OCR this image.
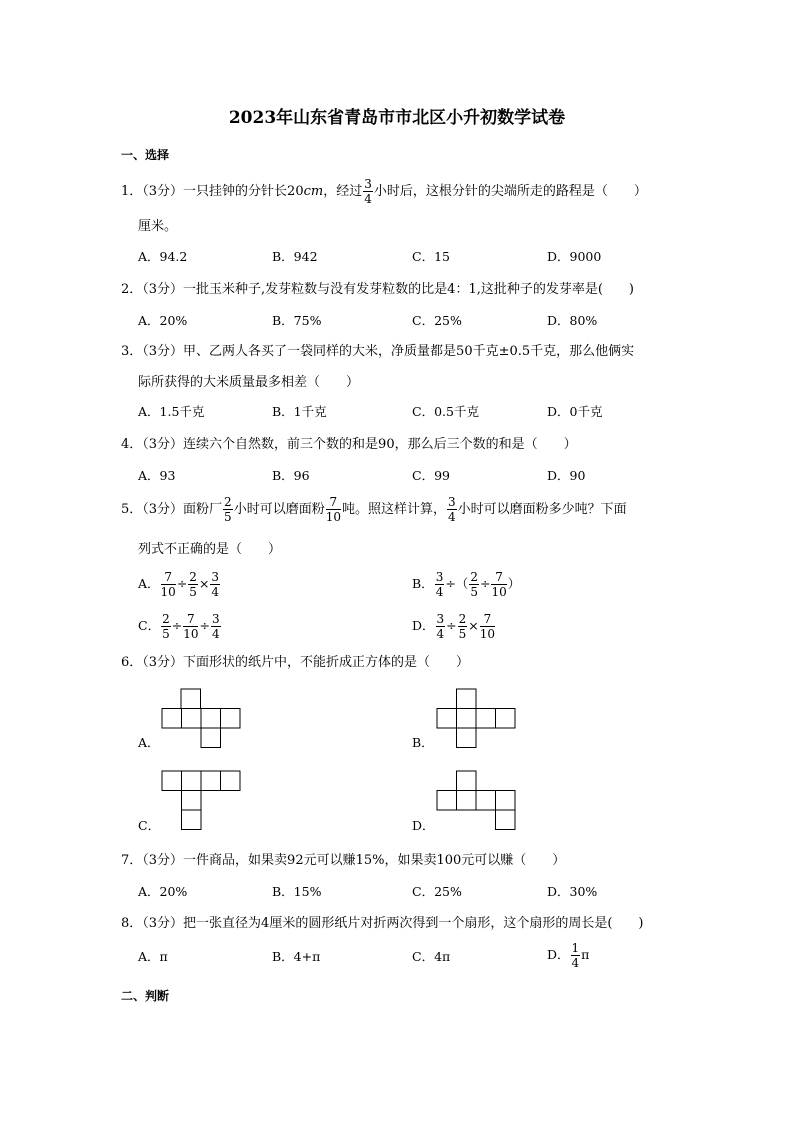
2023年山东省青岛市市北区小升初数学试卷
一、选择
1．（3分）一只挂钟的分针长20cm，经过 $\frac{3}{4}$ 小时后，这根分针的尖端所走的路程是（　　）
厘米。
A．94.2	B．942	C．15	D．9000
2．（3分）一批玉米种子,发芽粒数与没有发芽粒数的比是4：1,这批种子的发芽率是(　　)
A．20%	B．75%	C．25%	D．80%
3．（3分）甲、乙两人各买了一袋同样的大米，净质量都是50千克±0.5千克，那么他俩实
际所获得的大米质量最多相差（　　）
A．1.5千克	B．1千克	C．0.5千克	D．0千克
4．（3分）连续六个自然数，前三个数的和是90，那么后三个数的和是（　　）
A．93	B．96	C．99	D．90
5．（3分）面粉厂 $\frac{2}{5}$ 小时可以磨面粉 $\frac{7}{10}$ 吨。照这样计算， $\frac{3}{4}$ 小时可以磨面粉多少吨？下面
列式不正确的是（　　）
A． $\frac{7}{10} \div \frac{2}{5} \times \frac{3}{4}$	B． $\frac{3}{4}$ ÷（ $\frac{2}{5} \div \frac{7}{10}$ ）
C． $\frac{2}{5} \div \frac{7}{10} \div \frac{3}{4}$	D． $\frac{3}{4} \div \frac{2}{5} \times \frac{7}{10}$
6．（3分）下面形状的纸片中，不能折成正方体的是（　　）
A．	B．
C．	D．
7．（3分）一件商品，如果卖92元可以赚15%，如果卖100元可以赚（　　）
A．20%	B．15%	C．25%	D．30%
8．（3分）把一张直径为4厘米的圆形纸片对折两次得到一个扇形，这个扇形的周长是(　　)
A．π	B．4+π	C．4π	D． $\frac{1}{4}$ π
二、判断
